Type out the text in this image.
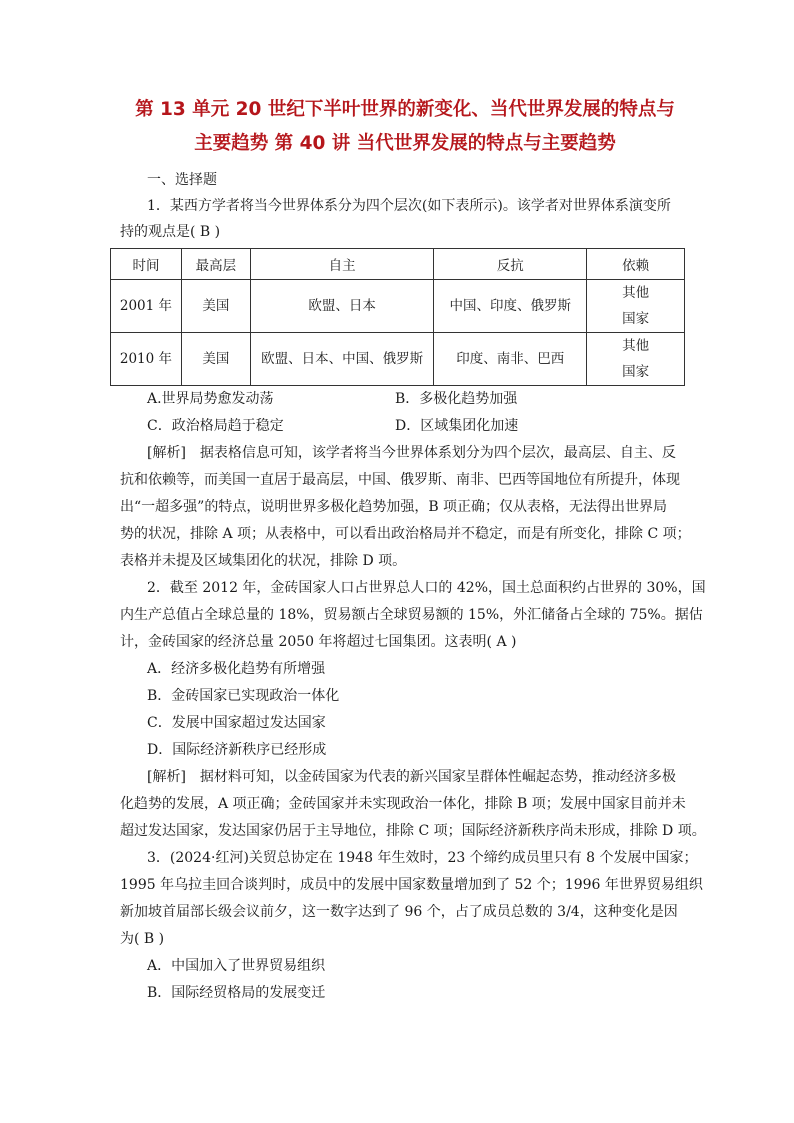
第 13 单元 20 世纪下半叶世界的新变化、当代世界发展的特点与
主要趋势 第 40 讲 当代世界发展的特点与主要趋势
一、选择题
1．某西方学者将当今世界体系分为四个层次(如下表所示)。该学者对世界体系演变所
持的观点是( B )
时间	最高层	自主	反抗	依赖
2001 年	美国	欧盟、日本	中国、印度、俄罗斯	其他
国家

2010 年	美国	欧盟、日本、中国、俄罗斯	印度、南非、巴西	其他
国家
A.世界局势愈发动荡	B．多极化趋势加强
C．政治格局趋于稳定	D．区域集团化加速
[解析]　据表格信息可知，该学者将当今世界体系划分为四个层次，最高层、自主、反
抗和依赖等，而美国一直居于最高层，中国、俄罗斯、南非、巴西等国地位有所提升，体现
出“一超多强”的特点，说明世界多极化趋势加强，B 项正确；仅从表格，无法得出世界局
势的状况，排除 A 项；从表格中，可以看出政治格局并不稳定，而是有所变化，排除 C 项；
表格并未提及区域集团化的状况，排除 D 项。
2．截至 2012 年，金砖国家人口占世界总人口的 42%，国土总面积约占世界的 30%，国
内生产总值占全球总量的 18%，贸易额占全球贸易额的 15%，外汇储备占全球的 75%。据估
计，金砖国家的经济总量 2050 年将超过七国集团。这表明( A )
A．经济多极化趋势有所增强
B．金砖国家已实现政治一体化
C．发展中国家超过发达国家
D．国际经济新秩序已经形成
[解析]　据材料可知，以金砖国家为代表的新兴国家呈群体性崛起态势，推动经济多极
化趋势的发展，A 项正确；金砖国家并未实现政治一体化，排除 B 项；发展中国家目前并未
超过发达国家，发达国家仍居于主导地位，排除 C 项；国际经济新秩序尚未形成，排除 D 项。
3．(2024·红河)关贸总协定在 1948 年生效时，23 个缔约成员里只有 8 个发展中国家；
1995 年乌拉圭回合谈判时，成员中的发展中国家数量增加到了 52 个；1996 年世界贸易组织
新加坡首届部长级会议前夕，这一数字达到了 96 个，占了成员总数的 3/4，这种变化是因
为( B )
A．中国加入了世界贸易组织
B．国际经贸格局的发展变迁
